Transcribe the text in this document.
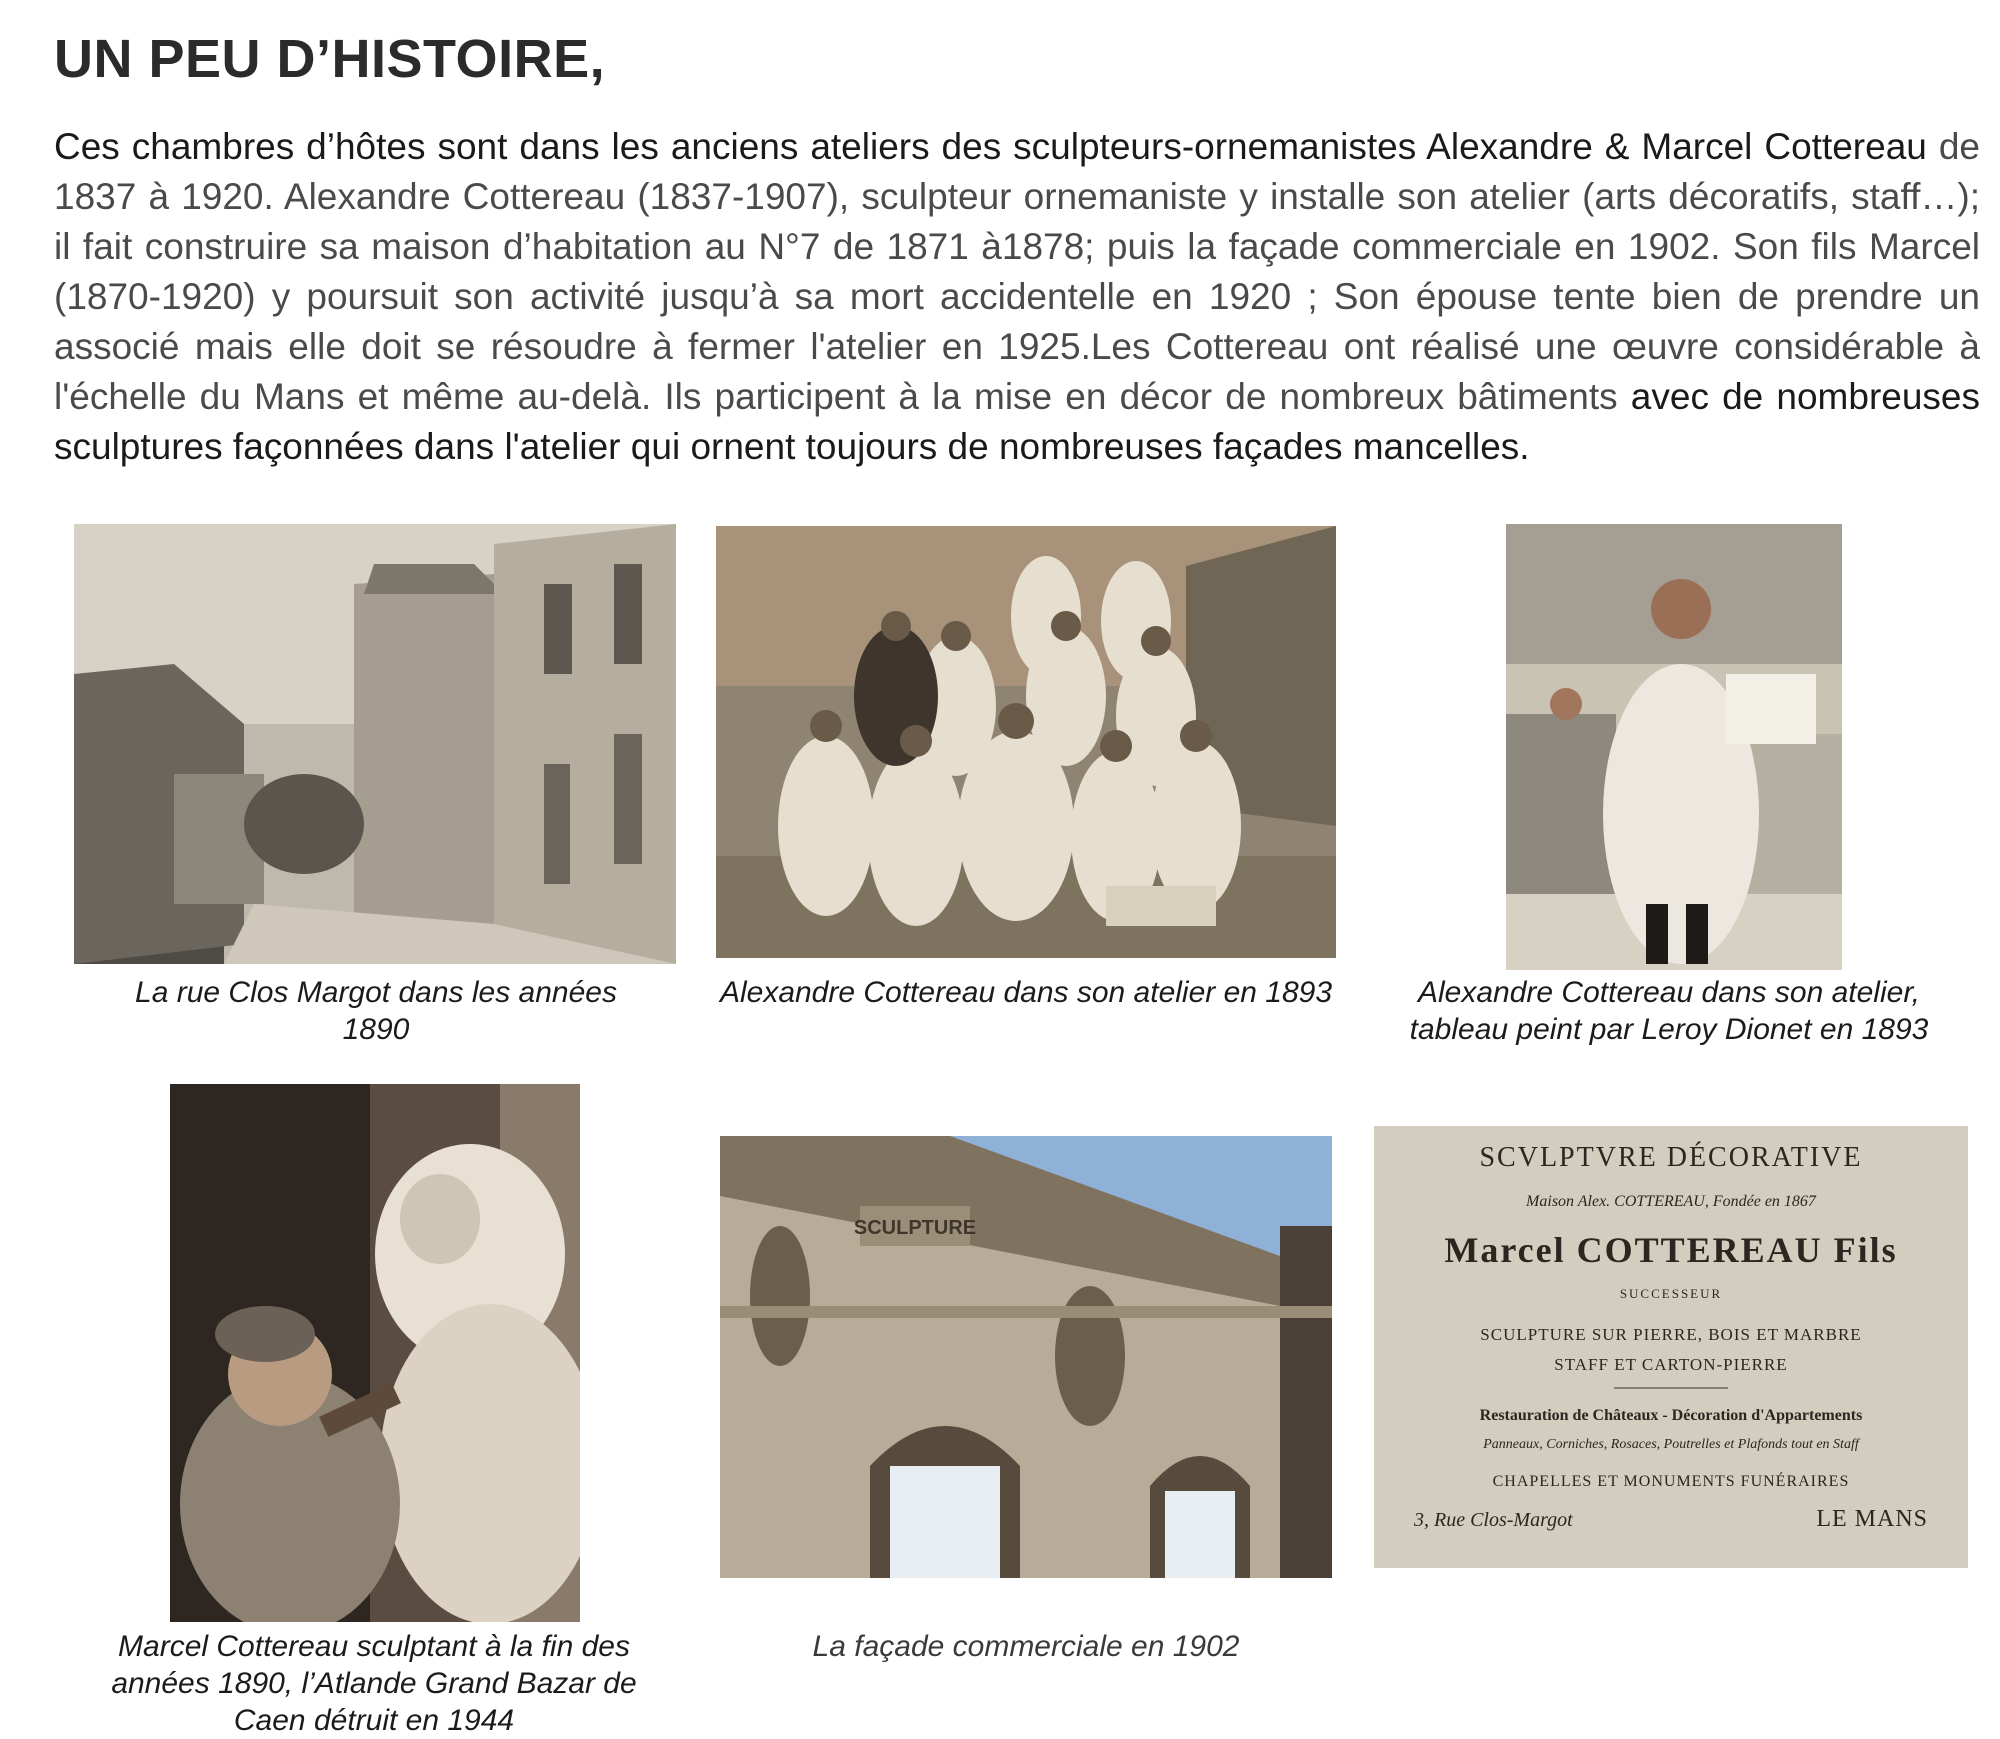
UN PEU D’HISTOIRE,

Ces chambres d’hôtes sont dans les anciens ateliers des sculpteurs-ornemanistes Alexandre & Marcel Cottereau de 1837 à 1920. Alexandre Cottereau (1837-1907), sculpteur ornemaniste y installe son atelier (arts décoratifs, staff…); il fait construire sa maison d’habitation au N°7 de 1871 à1878; puis la façade commerciale en 1902. Son fils Marcel (1870-1920) y poursuit son activité jusqu’à sa mort accidentelle en 1920 ; Son épouse tente bien de prendre un associé mais elle doit se résoudre à fermer l'atelier en 1925.Les Cottereau ont réalisé une œuvre considérable à l'échelle du Mans et même au-delà. Ils participent à la mise en décor de nombreux bâtiments avec de nombreuses sculptures façonnées dans l'atelier qui ornent toujours de nombreuses façades mancelles.

La rue Clos Margot dans les années 1890

Alexandre Cottereau dans son atelier en 1893	Alexandre Cottereau dans son atelier, tableau peint par Leroy Dionet en 1893

Marcel Cottereau sculptant à la fin des années 1890, l’Atlande Grand Bazar de Caen détruit en 1944

SCULPTURE

La façade commerciale en 1902

SCVLPTVRE DÉCORATIVE
Maison Alex. COTTEREAU, Fondée en 1867
Marcel COTTEREAU Fils
SUCCESSEUR
SCULPTURE SUR PIERRE, BOIS ET MARBRE
STAFF ET CARTON-PIERRE
Restauration de Châteaux - Décoration d'Appartements
Panneaux, Corniches, Rosaces, Poutrelles et Plafonds tout en Staff
CHAPELLES ET MONUMENTS FUNÉRAIRES
3, Rue Clos-Margot	LE MANS
